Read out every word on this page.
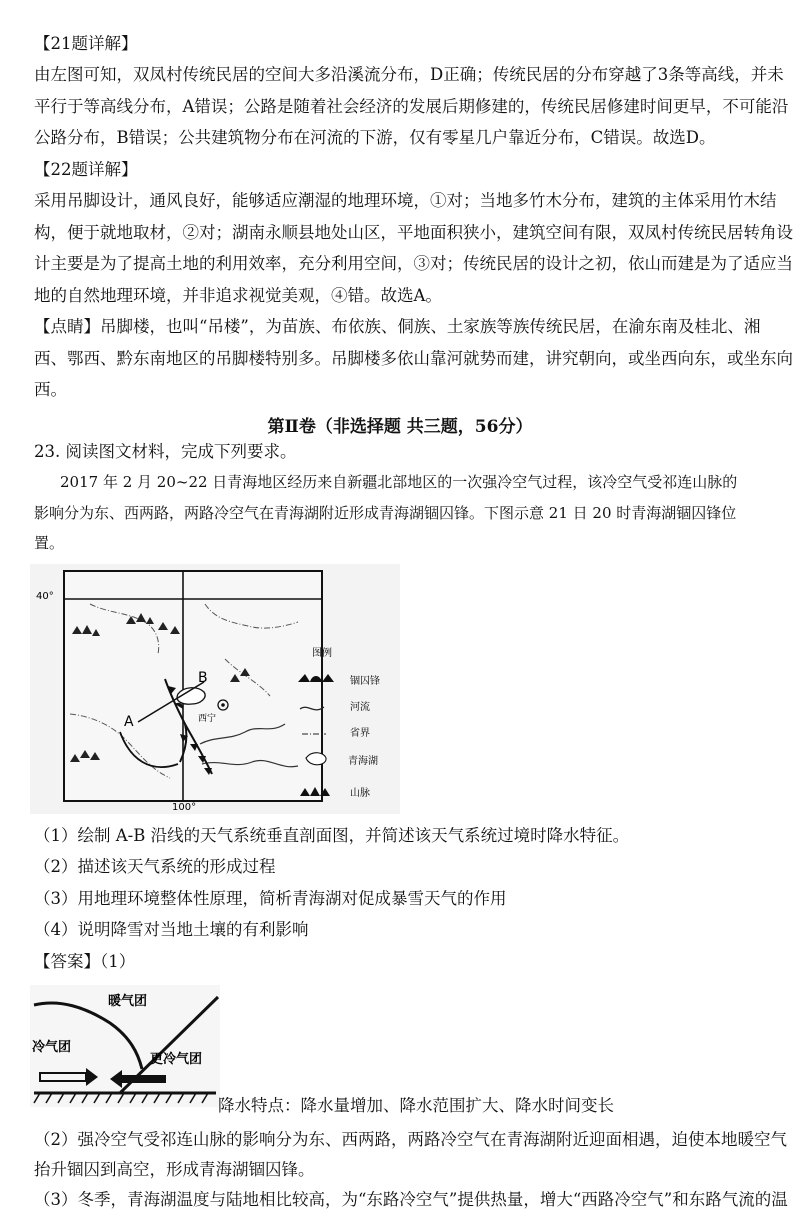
【21题详解】
由左图可知，双凤村传统民居的空间大多沿溪流分布，D正确；传统民居的分布穿越了3条等高线，并未
平行于等高线分布，A错误；公路是随着社会经济的发展后期修建的，传统民居修建时间更早，不可能沿
公路分布，B错误；公共建筑物分布在河流的下游，仅有零星几户靠近分布，C错误。故选D。
【22题详解】
采用吊脚设计，通风良好，能够适应潮湿的地理环境，①对；当地多竹木分布，建筑的主体采用竹木结
构，便于就地取材，②对；湖南永顺县地处山区，平地面积狭小，建筑空间有限，双凤村传统民居转角设
计主要是为了提高土地的利用效率，充分利用空间，③对；传统民居的设计之初，依山而建是为了适应当
地的自然地理环境，并非追求视觉美观，④错。故选A。
【点睛】吊脚楼，也叫“吊楼”，为苗族、布依族、侗族、土家族等族传统民居，在渝东南及桂北、湘
西、鄂西、黔东南地区的吊脚楼特别多。吊脚楼多依山靠河就势而建，讲究朝向，或坐西向东，或坐东向
西。
第Ⅱ卷（非选择题 共三题，56分）
23. 阅读图文材料，完成下列要求。
2017 年 2 月 20~22 日青海地区经历来自新疆北部地区的一次强冷空气过程，该冷空气受祁连山脉的
影响分为东、西两路，两路冷空气在青海湖附近形成青海湖锢囚锋。下图示意 21 日 20 时青海湖锢囚锋位
置。
40°
100°
A
B
西宁
图例
锢囚锋
河流
省界
青海湖
山脉
（1）绘制 A-B 沿线的天气系统垂直剖面图，并简述该天气系统过境时降水特征。
（2）描述该天气系统的形成过程
（3）用地理环境整体性原理，简析青海湖对促成暴雪天气的作用
（4）说明降雪对当地土壤的有利影响
【答案】（1）
暖气团
冷气团
更冷气团
降水特点：降水量增加、降水范围扩大、降水时间变长
（2）强冷空气受祁连山脉的影响分为东、西两路，两路冷空气在青海湖附近迎面相遇，迫使本地暖空气
抬升锢囚到高空，形成青海湖锢囚锋。
（3）冬季，青海湖温度与陆地相比较高，为“东路冷空气”提供热量，增大“西路冷空气”和东路气流的温
